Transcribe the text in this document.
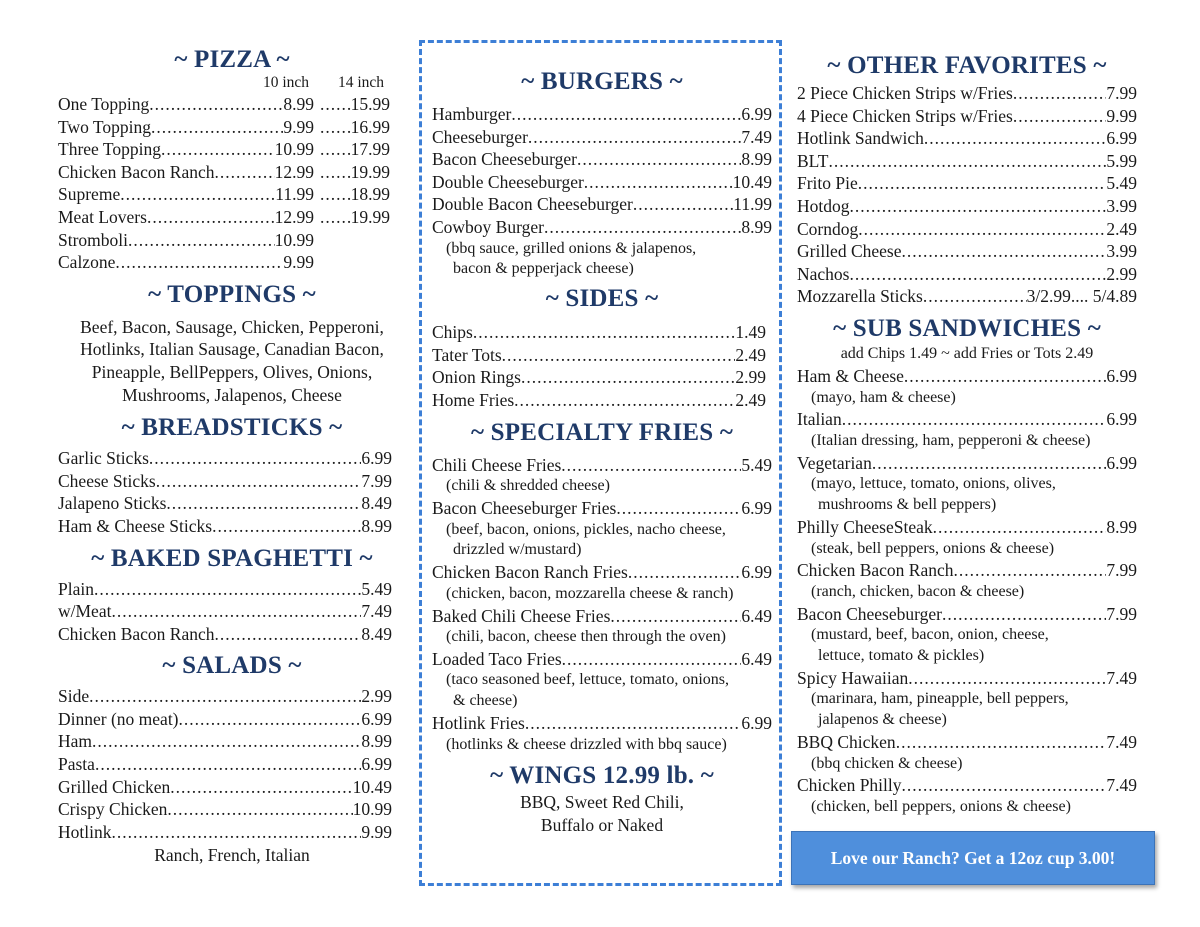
~ PIZZA ~
10 inch 14 inch
One Topping .....	8.99 ..... 15.99
Two Topping .....	9.99 ..... 16.99
Three Topping .....	10.99 ..... 17.99
Chicken Bacon Ranch .....	12.99 ..... 19.99
Supreme .....	11.99 ..... 18.99
Meat Lovers .....	12.99 ..... 19.99
Stromboli .....	10.99
Calzone .....	9.99
~ TOPPINGS ~
Beef, Bacon, Sausage, Chicken, Pepperoni,
Hotlinks, Italian Sausage, Canadian Bacon,
Pineapple, BellPeppers, Olives, Onions,
Mushrooms, Jalapenos, Cheese
~ BREADSTICKS ~
Garlic Sticks .....	6.99
Cheese Sticks .....	7.99
Jalapeno Sticks .....	8.49
Ham & Cheese Sticks .....	8.99
~ BAKED SPAGHETTI ~
Plain .....	5.49
w/Meat .....	7.49
Chicken Bacon Ranch .....	8.49
~ SALADS ~
Side .....	2.99
Dinner (no meat) .....	6.99
Ham .....	8.99
Pasta .....	6.99
Grilled Chicken .....	10.49
Crispy Chicken .....	10.99
Hotlink .....	9.99
Ranch, French, Italian
~ BURGERS ~
Hamburger .....	6.99
Cheeseburger .....	7.49
Bacon Cheeseburger .....	8.99
Double Cheeseburger .....	10.49
Double Bacon Cheeseburger .....	11.99
Cowboy Burger .....	8.99
(bbq sauce, grilled onions & jalapenos,
bacon & pepperjack cheese)
~ SIDES ~
Chips .....	1.49
Tater Tots .....	2.49
Onion Rings .....	2.99
Home Fries .....	2.49
~ SPECIALTY FRIES ~
Chili Cheese Fries .....	5.49
(chili & shredded cheese)
Bacon Cheeseburger Fries .....	6.99
(beef, bacon, onions, pickles, nacho cheese,
drizzled w/mustard)
Chicken Bacon Ranch Fries .....	6.99
(chicken, bacon, mozzarella cheese & ranch)
Baked Chili Cheese Fries .....	6.49
(chili, bacon, cheese then through the oven)
Loaded Taco Fries .....	6.49
(taco seasoned beef, lettuce, tomato, onions,
& cheese)
Hotlink Fries .....	6.99
(hotlinks & cheese drizzled with bbq sauce)
~ WINGS 12.99 lb. ~
BBQ, Sweet Red Chili,
Buffalo or Naked
~ OTHER FAVORITES ~
2 Piece Chicken Strips w/Fries .....	7.99
4 Piece Chicken Strips w/Fries .....	9.99
Hotlink Sandwich .....	6.99
BLT .....	5.99
Frito Pie .....	5.49
Hotdog .....	3.99
Corndog .....	2.49
Grilled Cheese .....	3.99
Nachos .....	2.99
Mozzarella Sticks .....	3/2.99.... 5/4.89
~ SUB SANDWICHES ~
add Chips 1.49 ~ add Fries or Tots 2.49
Ham & Cheese .....	6.99
(mayo, ham & cheese)
Italian .....	6.99
(Italian dressing, ham, pepperoni & cheese)
Vegetarian .....	6.99
(mayo, lettuce, tomato, onions, olives,
mushrooms & bell peppers)
Philly CheeseSteak .....	8.99
(steak, bell peppers, onions & cheese)
Chicken Bacon Ranch .....	7.99
(ranch, chicken, bacon & cheese)
Bacon Cheeseburger .....	7.99
(mustard, beef, bacon, onion, cheese,
lettuce, tomato & pickles)
Spicy Hawaiian .....	7.49
(marinara, ham, pineapple, bell peppers,
jalapenos & cheese)
BBQ Chicken .....	7.49
(bbq chicken & cheese)
Chicken Philly .....	7.49
(chicken, bell peppers, onions & cheese)
Love our Ranch? Get a 12oz cup 3.00!
